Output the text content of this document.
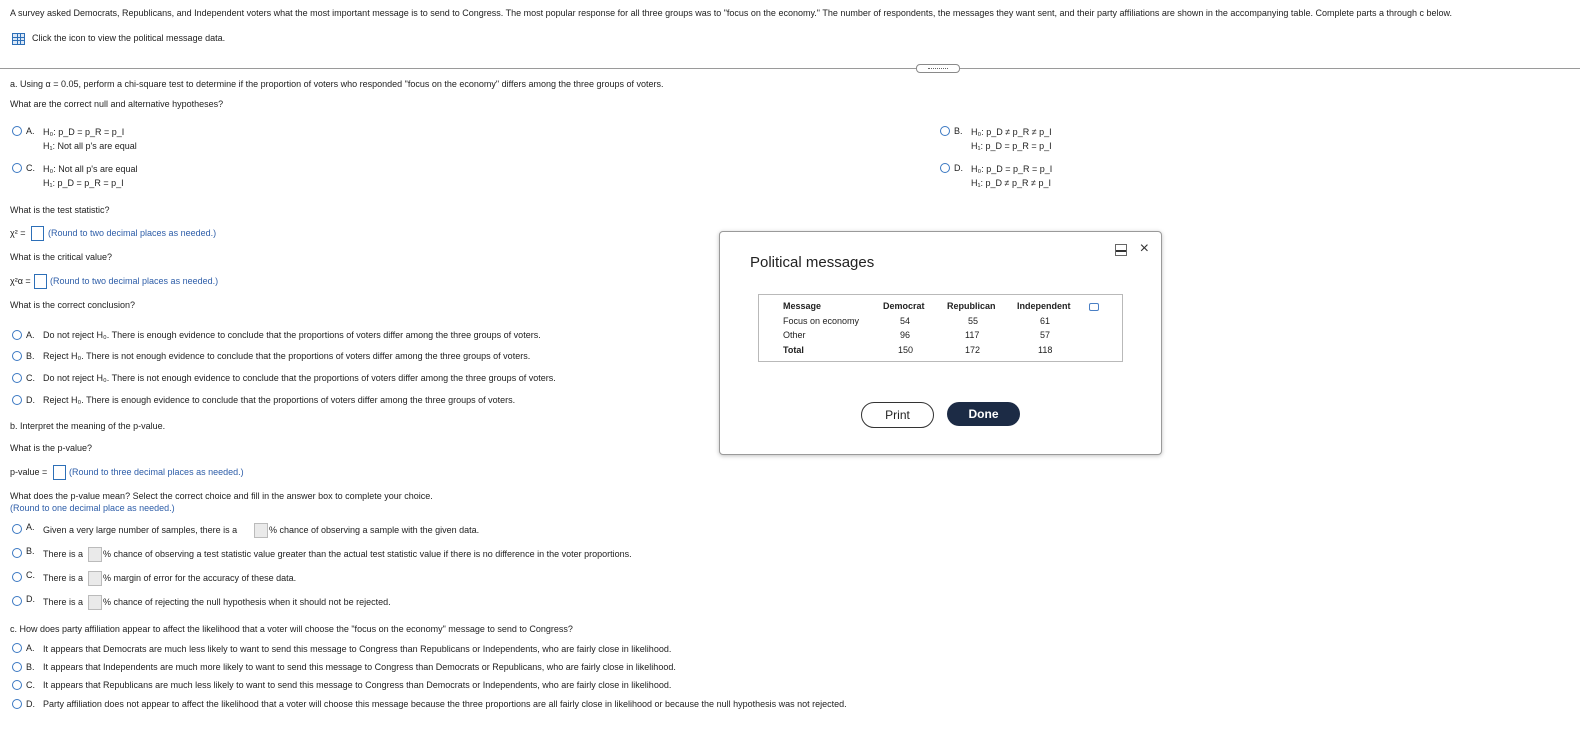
A survey asked Democrats, Republicans, and Independent voters what the most important message is to send to Congress. The most popular response for all three groups was to "focus on the economy." The number of respondents, the messages they want sent, and their party affiliations are shown in the accompanying table. Complete parts a through c below.
Click the icon to view the political message data.
a. Using α = 0.05, perform a chi-square test to determine if the proportion of voters who responded "focus on the economy" differs among the three groups of voters.
What are the correct null and alternative hypotheses?
A. H₀: p_D = p_R = p_I
H₁: Not all p's are equal
B. H₀: p_D ≠ p_R ≠ p_I
H₁: p_D = p_R = p_I
C. H₀: Not all p's are equal
H₁: p_D = p_R = p_I
D. H₀: p_D = p_R = p_I
H₁: p_D ≠ p_R ≠ p_I
What is the test statistic?
χ² =	(Round to two decimal places as needed.)
What is the critical value?
χ²α = (Round to two decimal places as needed.)
What is the correct conclusion?
A. Do not reject H₀. There is enough evidence to conclude that the proportions of voters differ among the three groups of voters.
B. Reject H₀. There is not enough evidence to conclude that the proportions of voters differ among the three groups of voters.
C. Do not reject H₀. There is not enough evidence to conclude that the proportions of voters differ among the three groups of voters.
D. Reject H₀. There is enough evidence to conclude that the proportions of voters differ among the three groups of voters.
b. Interpret the meaning of the p-value.
What is the p-value?
p-value = (Round to three decimal places as needed.)
What does the p-value mean? Select the correct choice and fill in the answer box to complete your choice.
(Round to one decimal place as needed.)
A. Given a very large number of samples, there is a	% chance of observing a sample with the given data.
B. There is a % chance of observing a test statistic value greater than the actual test statistic value if there is no difference in the voter proportions.
C. There is a % margin of error for the accuracy of these data.
D. There is a % chance of rejecting the null hypothesis when it should not be rejected.
c. How does party affiliation appear to affect the likelihood that a voter will choose the "focus on the economy" message to send to Congress?
A. It appears that Democrats are much less likely to want to send this message to Congress than Republicans or Independents, who are fairly close in likelihood.
B. It appears that Independents are much more likely to want to send this message to Congress than Democrats or Republicans, who are fairly close in likelihood.
C. It appears that Republicans are much less likely to want to send this message to Congress than Democrats or Independents, who are fairly close in likelihood.
D. Party affiliation does not appear to affect the likelihood that a voter will choose this message because the three proportions are all fairly close in likelihood or because the null hypothesis was not rejected.
Political messages
×
Message	Democrat Republican Independent
Focus on economy	54	55	61
Other	96	117	57
Total	150	172	118
Print	Done
